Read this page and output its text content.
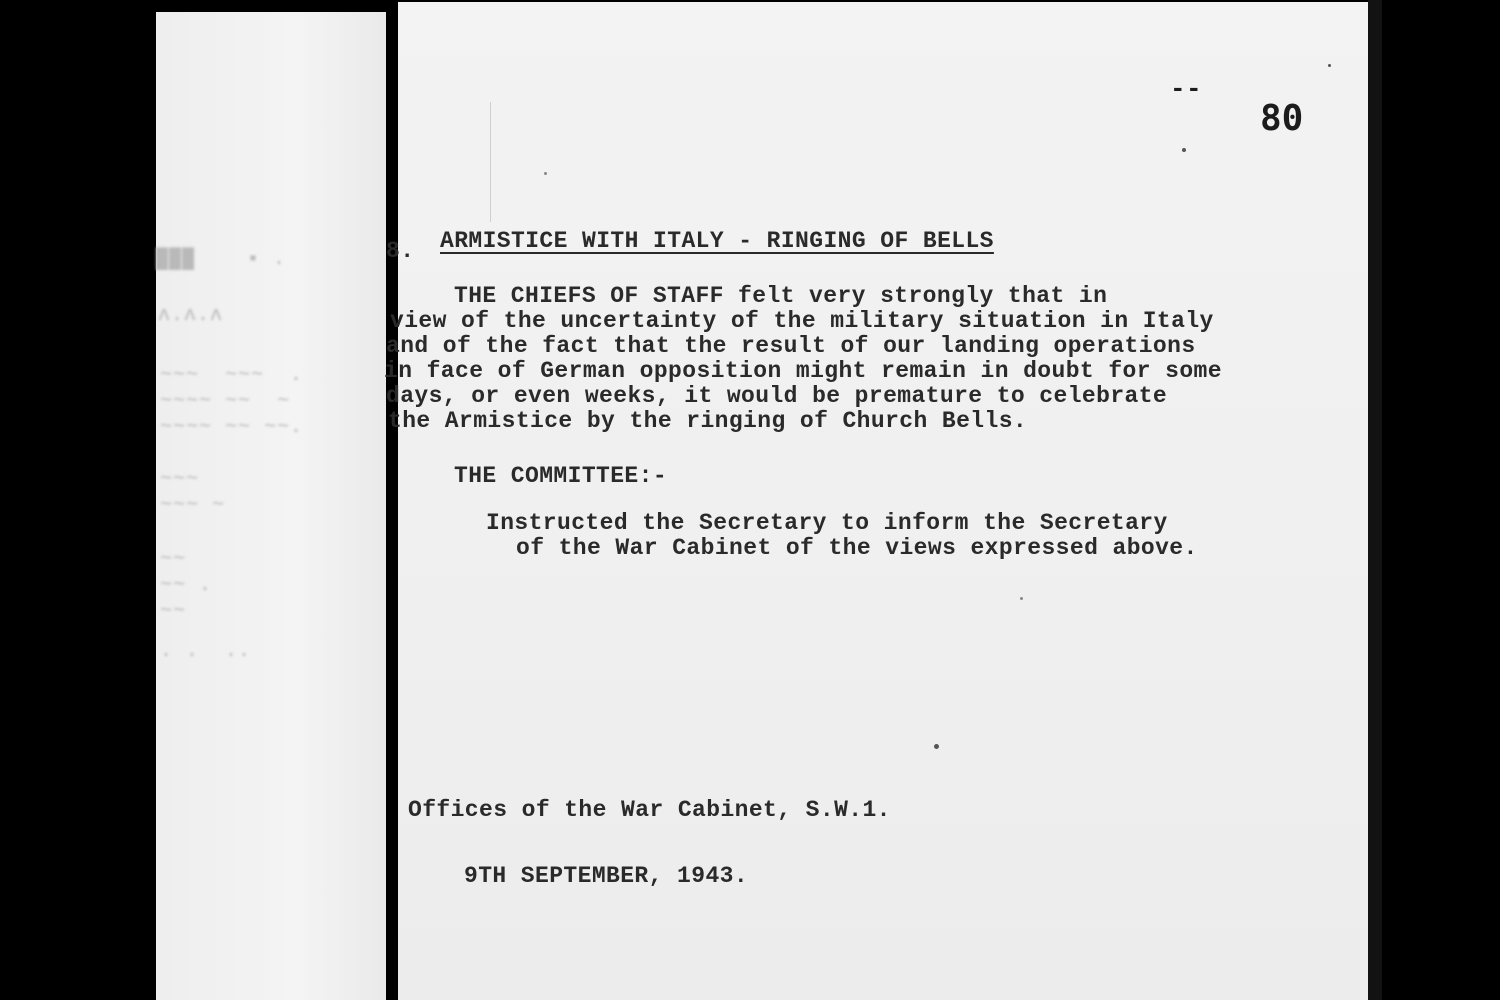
███    ▪ .
ʌ.ʌ.ʌ
~~~  ~~~  .
~~~~ ~~  ~
~~~~ ~~ ~~.
~~~
~~~ ~
~~
~~ .
~~
. .  ..
--
80
8. ARMISTICE WITH ITALY - RINGING OF BELLS
THE CHIEFS OF STAFF felt very strongly that in
view of the uncertainty of the military situation in Italy
and of the fact that the result of our landing operations
in face of German opposition might remain in doubt for some
days, or even weeks, it would be premature to celebrate
the Armistice by the ringing of Church Bells.
THE COMMITTEE:-
Instructed the Secretary to inform the Secretary
of the War Cabinet of the views expressed above.
Offices of the War Cabinet, S.W.1.
9TH SEPTEMBER, 1943.
